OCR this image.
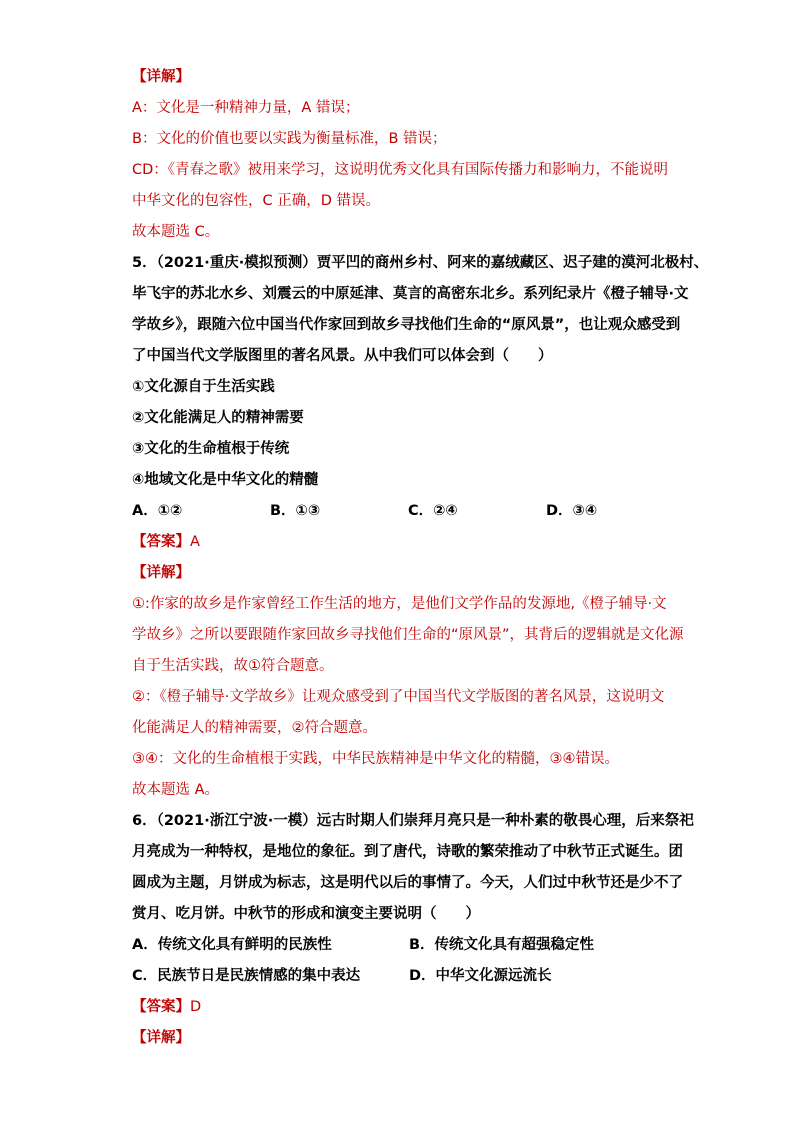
【详解】
A：文化是一种精神力量，A 错误；
B：文化的价值也要以实践为衡量标准，B 错误；
CD：《青春之歌》被用来学习，这说明优秀文化具有国际传播力和影响力，不能说明
中华文化的包容性，C 正确，D 错误。
故本题选 C。
5．（2021·重庆·模拟预测）贾平凹的商州乡村、阿来的嘉绒藏区、迟子建的漠河北极村、
毕飞宇的苏北水乡、刘震云的中原延津、莫言的高密东北乡。系列纪录片《橙子辅导·文
学故乡》，跟随六位中国当代作家回到故乡寻找他们生命的“原风景”，也让观众感受到
了中国当代文学版图里的著名风景。从中我们可以体会到（　　）
①文化源自于生活实践
②文化能满足人的精神需要
③文化的生命植根于传统
④地域文化是中华文化的精髓
A．①②	B．①③	C．②④	D．③④
【答案】A
【详解】
①:作家的故乡是作家曾经工作生活的地方，是他们文学作品的发源地,《橙子辅导·文
学故乡》之所以要跟随作家回故乡寻找他们生命的“原风景”，其背后的逻辑就是文化源
自于生活实践，故①符合题意。
②：《橙子辅导·文学故乡》让观众感受到了中国当代文学版图的著名风景，这说明文
化能满足人的精神需要，②符合题意。
③④：文化的生命植根于实践，中华民族精神是中华文化的精髓，③④错误。
故本题选 A。
6．（2021·浙江宁波·一模）远古时期人们崇拜月亮只是一种朴素的敬畏心理，后来祭祀
月亮成为一种特权，是地位的象征。到了唐代，诗歌的繁荣推动了中秋节正式诞生。团
圆成为主题，月饼成为标志，这是明代以后的事情了。今天，人们过中秋节还是少不了
赏月、吃月饼。中秋节的形成和演变主要说明（　　）
A．传统文化具有鲜明的民族性	B．传统文化具有超强稳定性
C．民族节日是民族情感的集中表达	D．中华文化源远流长
【答案】D
【详解】
